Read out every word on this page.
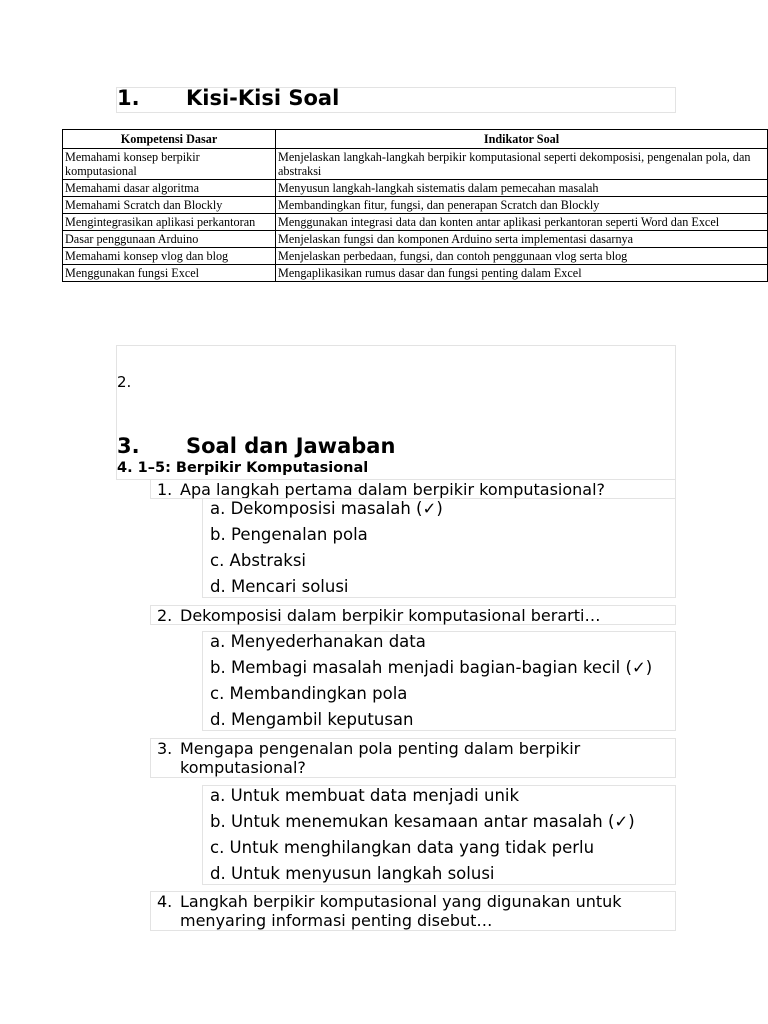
1. Kisi-Kisi Soal
Kompetensi Dasar	Indikator Soal
Memahami konsep berpikir komputasional	Menjelaskan langkah-langkah berpikir komputasional seperti dekomposisi, pengenalan pola, dan abstraksi
Memahami dasar algoritma	Menyusun langkah-langkah sistematis dalam pemecahan masalah
Memahami Scratch dan Blockly	Membandingkan fitur, fungsi, dan penerapan Scratch dan Blockly
Mengintegrasikan aplikasi perkantoran	Menggunakan integrasi data dan konten antar aplikasi perkantoran seperti Word dan Excel
Dasar penggunaan Arduino	Menjelaskan fungsi dan komponen Arduino serta implementasi dasarnya
Memahami konsep vlog dan blog	Menjelaskan perbedaan, fungsi, dan contoh penggunaan vlog serta blog
Menggunakan fungsi Excel	Mengaplikasikan rumus dasar dan fungsi penting dalam Excel
2.
3. Soal dan Jawaban
4. 1–5: Berpikir Komputasional
1. Apa langkah pertama dalam berpikir komputasional?
a. Dekomposisi masalah (✓)
b. Pengenalan pola
c. Abstraksi
d. Mencari solusi
2. Dekomposisi dalam berpikir komputasional berarti…
a. Menyederhanakan data
b. Membagi masalah menjadi bagian-bagian kecil (✓)
c. Membandingkan pola
d. Mengambil keputusan
3. Mengapa pengenalan pola penting dalam berpikir komputasional?
a. Untuk membuat data menjadi unik
b. Untuk menemukan kesamaan antar masalah (✓)
c. Untuk menghilangkan data yang tidak perlu
d. Untuk menyusun langkah solusi
4. Langkah berpikir komputasional yang digunakan untuk menyaring informasi penting disebut…
